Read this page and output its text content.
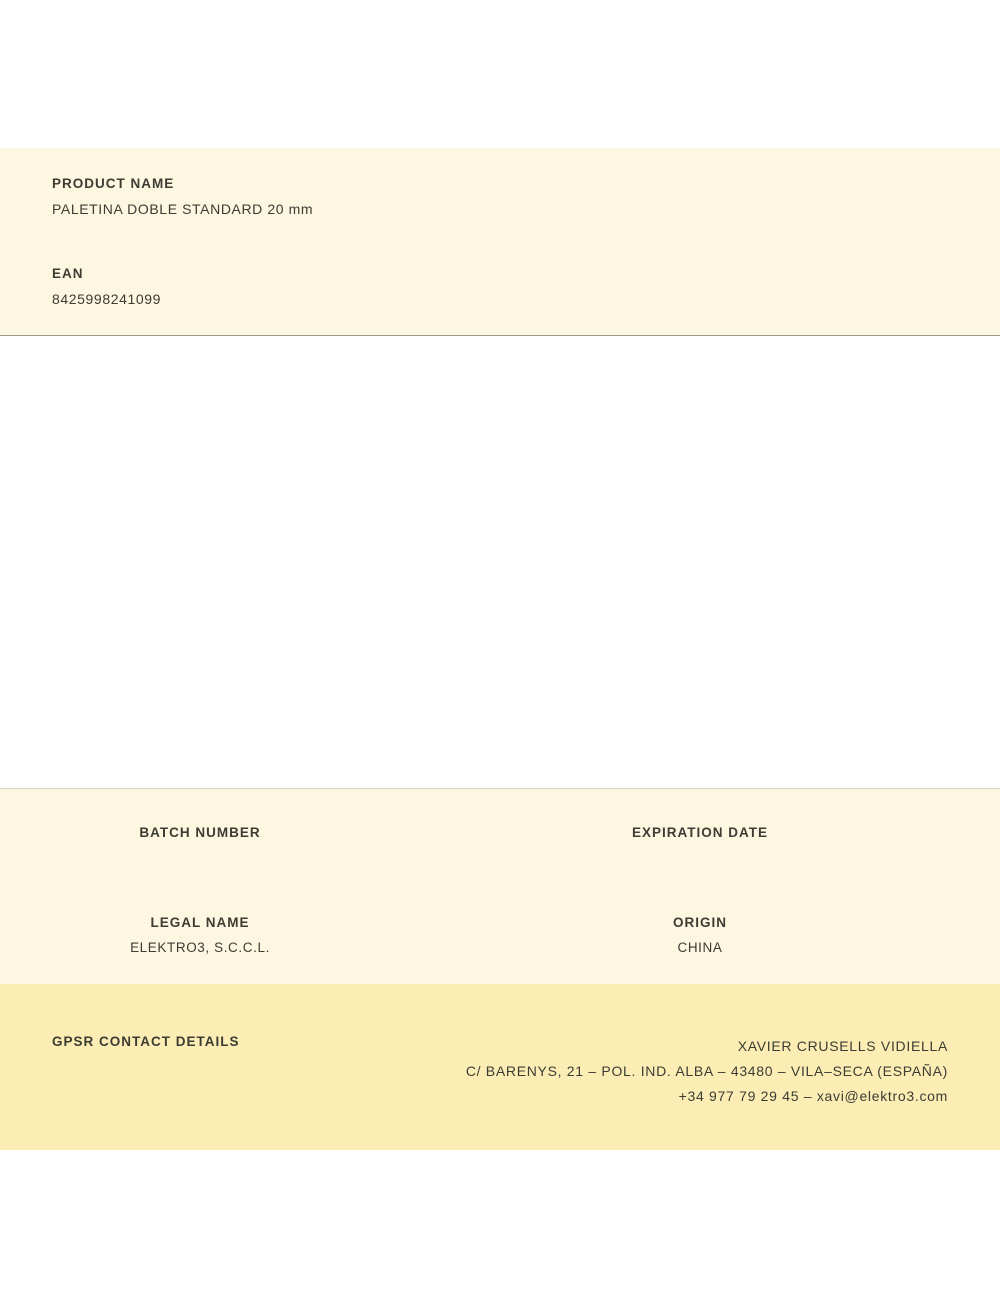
PRODUCT NAME
PALETINA DOBLE STANDARD 20 mm
EAN
8425998241099
BATCH NUMBER	EXPIRATION DATE
LEGAL NAME
ELEKTRO3, S.C.C.L.
ORIGIN
CHINA
GPSR CONTACT DETAILS	XAVIER CRUSELLS VIDIELLA
C/ BARENYS, 21 – POL. IND. ALBA – 43480 – VILA–SECA (ESPAÑA)
+34 977 79 29 45 – xavi@elektro3.com
